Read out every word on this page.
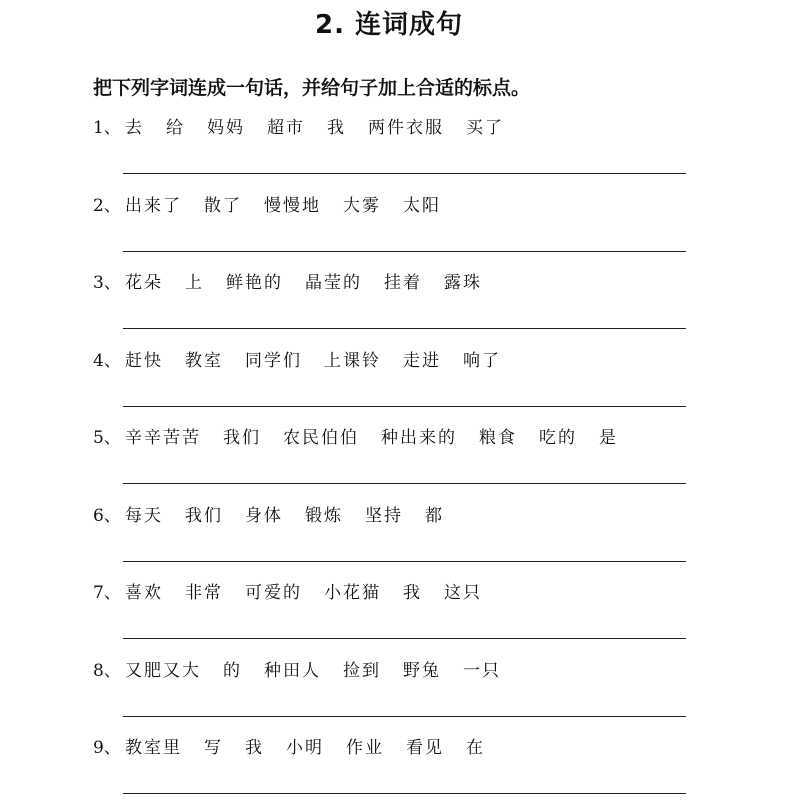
2. 连词成句
把下列字词连成一句话，并给句子加上合适的标点。
1、 去 给 妈妈 超市 我 两件衣服 买了
2、 出来了 散了 慢慢地 大雾 太阳
3、 花朵 上 鲜艳的 晶莹的 挂着 露珠
4、 赶快 教室 同学们 上课铃 走进 响了
5、 辛辛苦苦 我们 农民伯伯 种出来的 粮食 吃的 是
6、 每天 我们 身体 锻炼 坚持 都
7、 喜欢 非常 可爱的 小花猫 我 这只
8、 又肥又大 的 种田人 捡到 野兔 一只
9、 教室里 写 我 小明 作业 看见 在
